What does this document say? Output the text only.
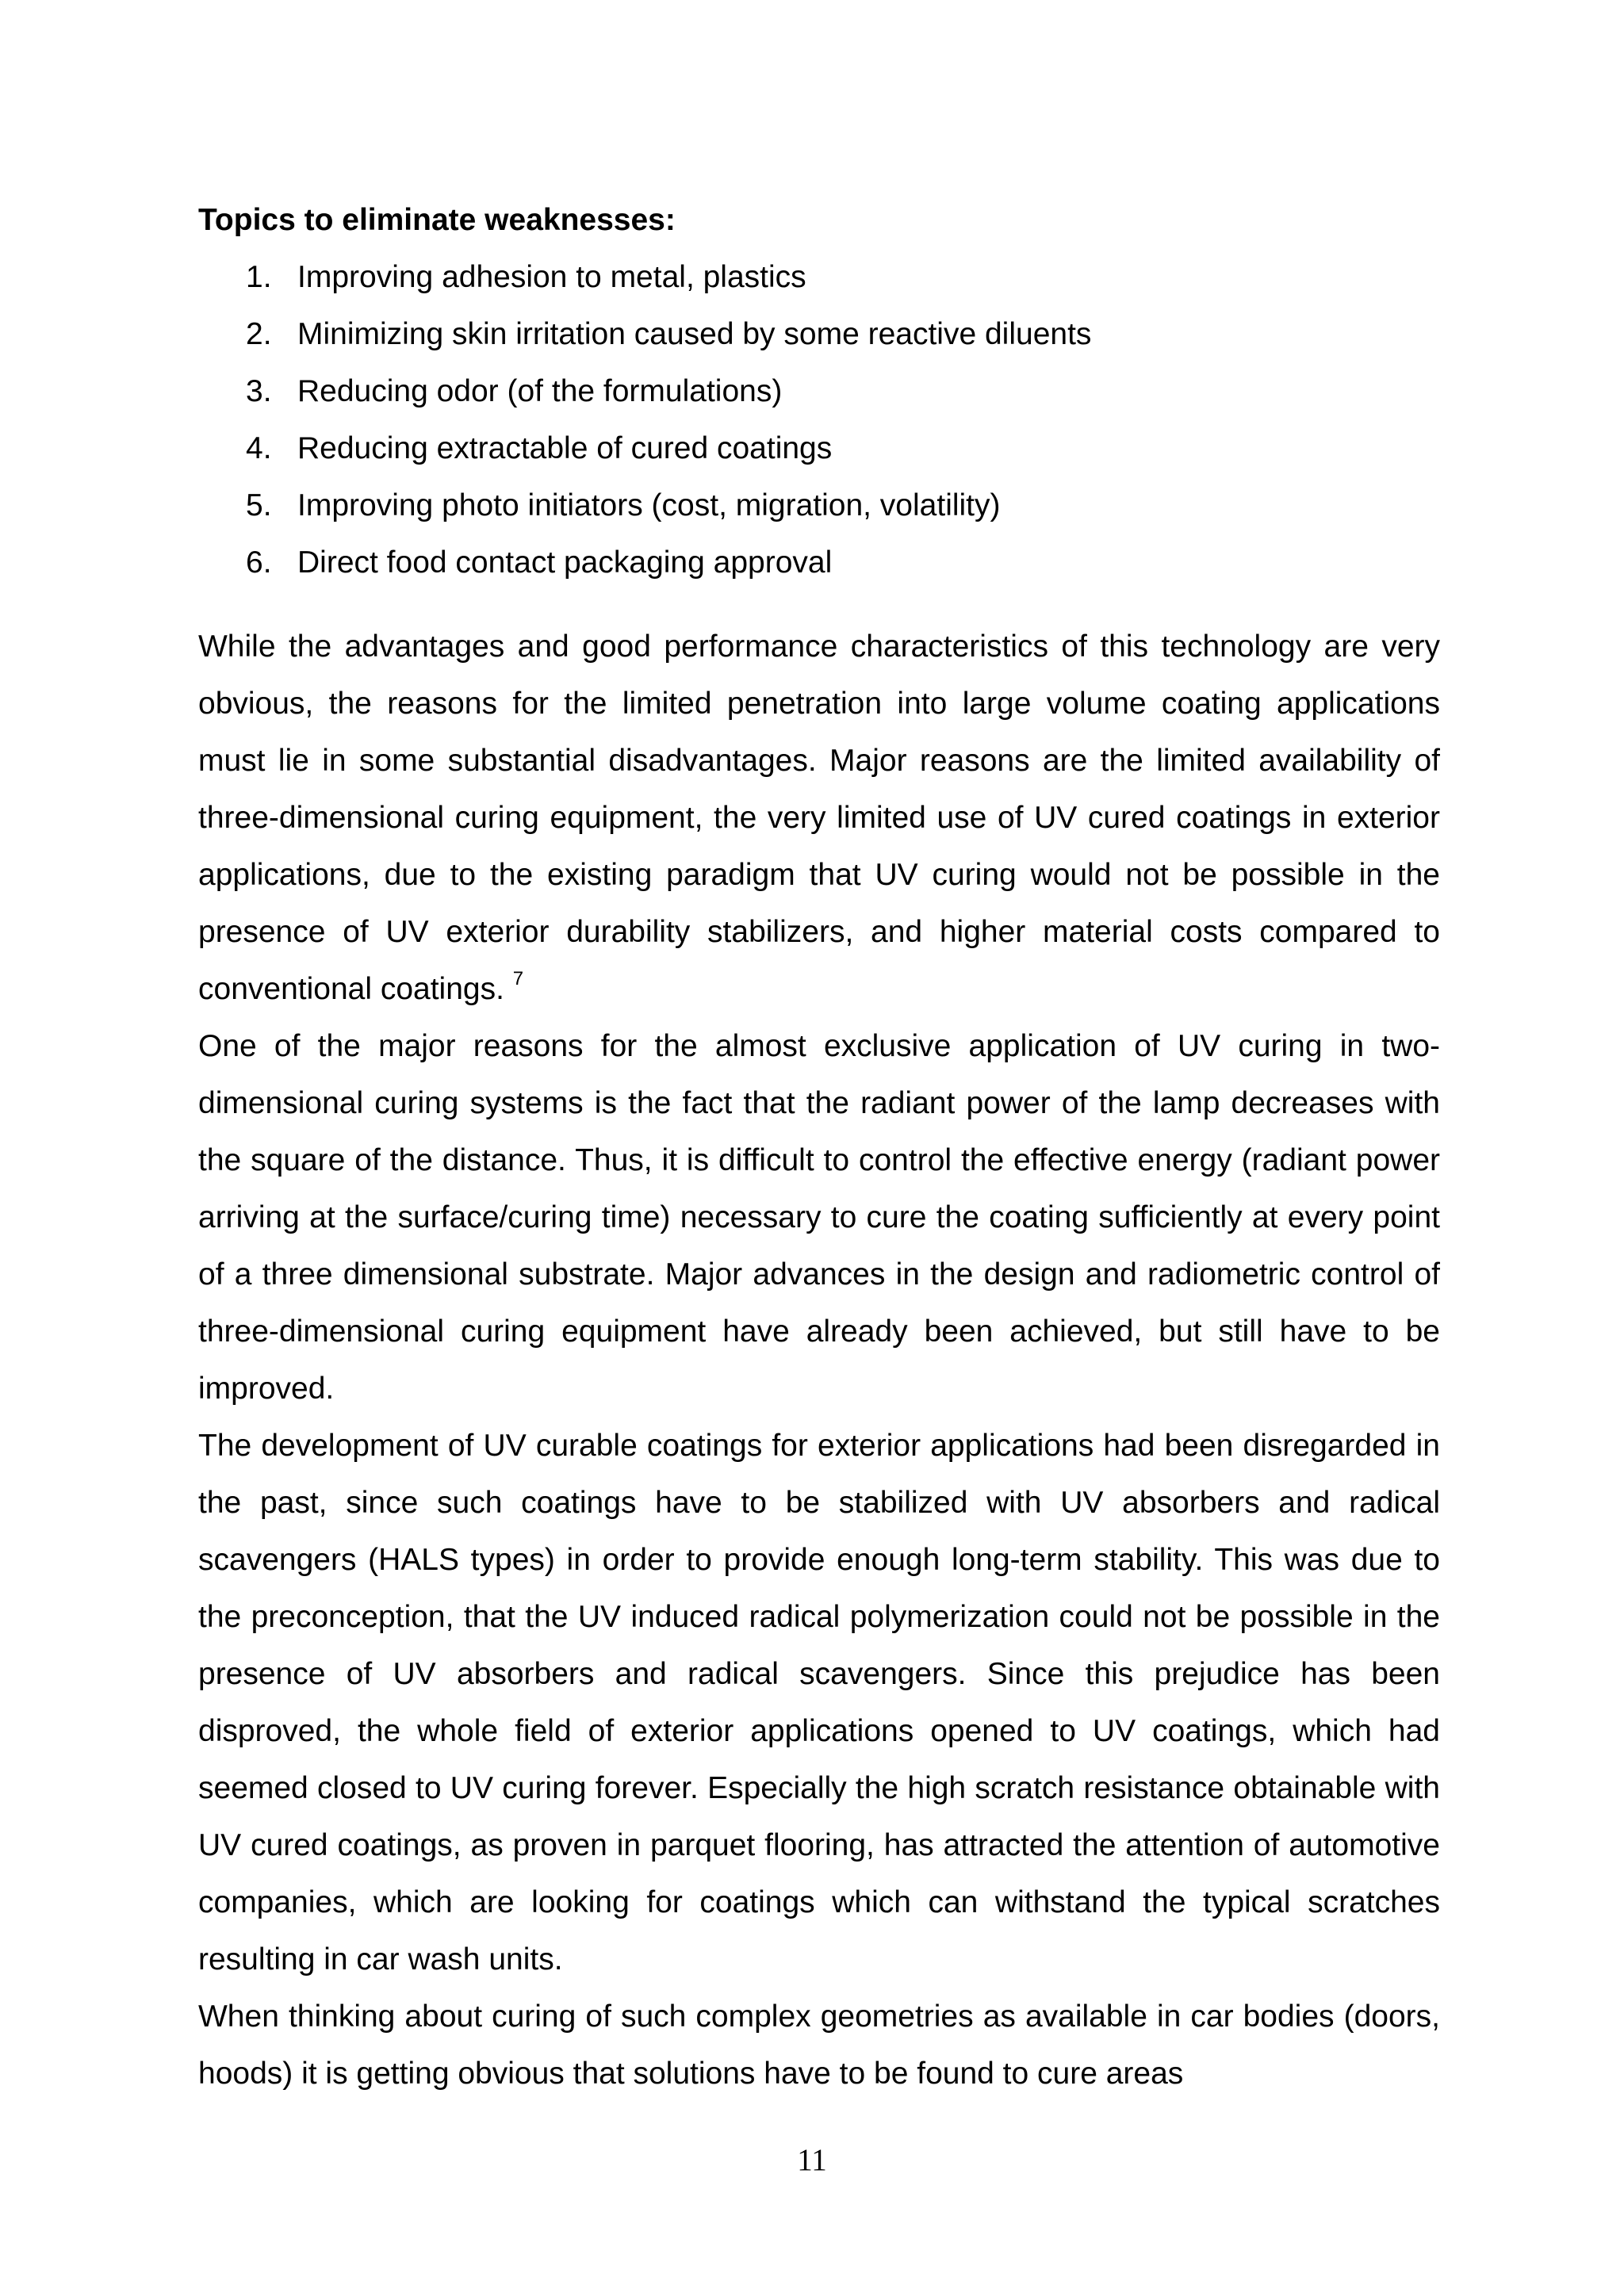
Topics to eliminate weaknesses:

1. Improving adhesion to metal, plastics
2. Minimizing skin irritation caused by some reactive diluents
3. Reducing odor (of the formulations)
4. Reducing extractable of cured coatings
5. Improving photo initiators (cost, migration, volatility)
6. Direct food contact packaging approval

While the advantages and good performance characteristics of this technology are very obvious, the reasons for the limited penetration into large volume coating applications must lie in some substantial disadvantages. Major reasons are the limited availability of three-dimensional curing equipment, the very limited use of UV cured coatings in exterior applications, due to the existing paradigm that UV curing would not be possible in the presence of UV exterior durability stabilizers, and higher material costs compared to conventional coatings. $^7$

One of the major reasons for the almost exclusive application of UV curing in two-dimensional curing systems is the fact that the radiant power of the lamp decreases with the square of the distance. Thus, it is difficult to control the effective energy (radiant power arriving at the surface/curing time) necessary to cure the coating sufficiently at every point of a three dimensional substrate. Major advances in the design and radiometric control of three-dimensional curing equipment have already been achieved, but still have to be improved.

The development of UV curable coatings for exterior applications had been disregarded in the past, since such coatings have to be stabilized with UV absorbers and radical scavengers (HALS types) in order to provide enough long-term stability. This was due to the preconception, that the UV induced radical polymerization could not be possible in the presence of UV absorbers and radical scavengers. Since this prejudice has been disproved, the whole field of exterior applications opened to UV coatings, which had seemed closed to UV curing forever. Especially the high scratch resistance obtainable with UV cured coatings, as proven in parquet flooring, has attracted the attention of automotive companies, which are looking for coatings which can withstand the typical scratches resulting in car wash units.

When thinking about curing of such complex geometries as available in car bodies (doors, hoods) it is getting obvious that solutions have to be found to cure areas

11
